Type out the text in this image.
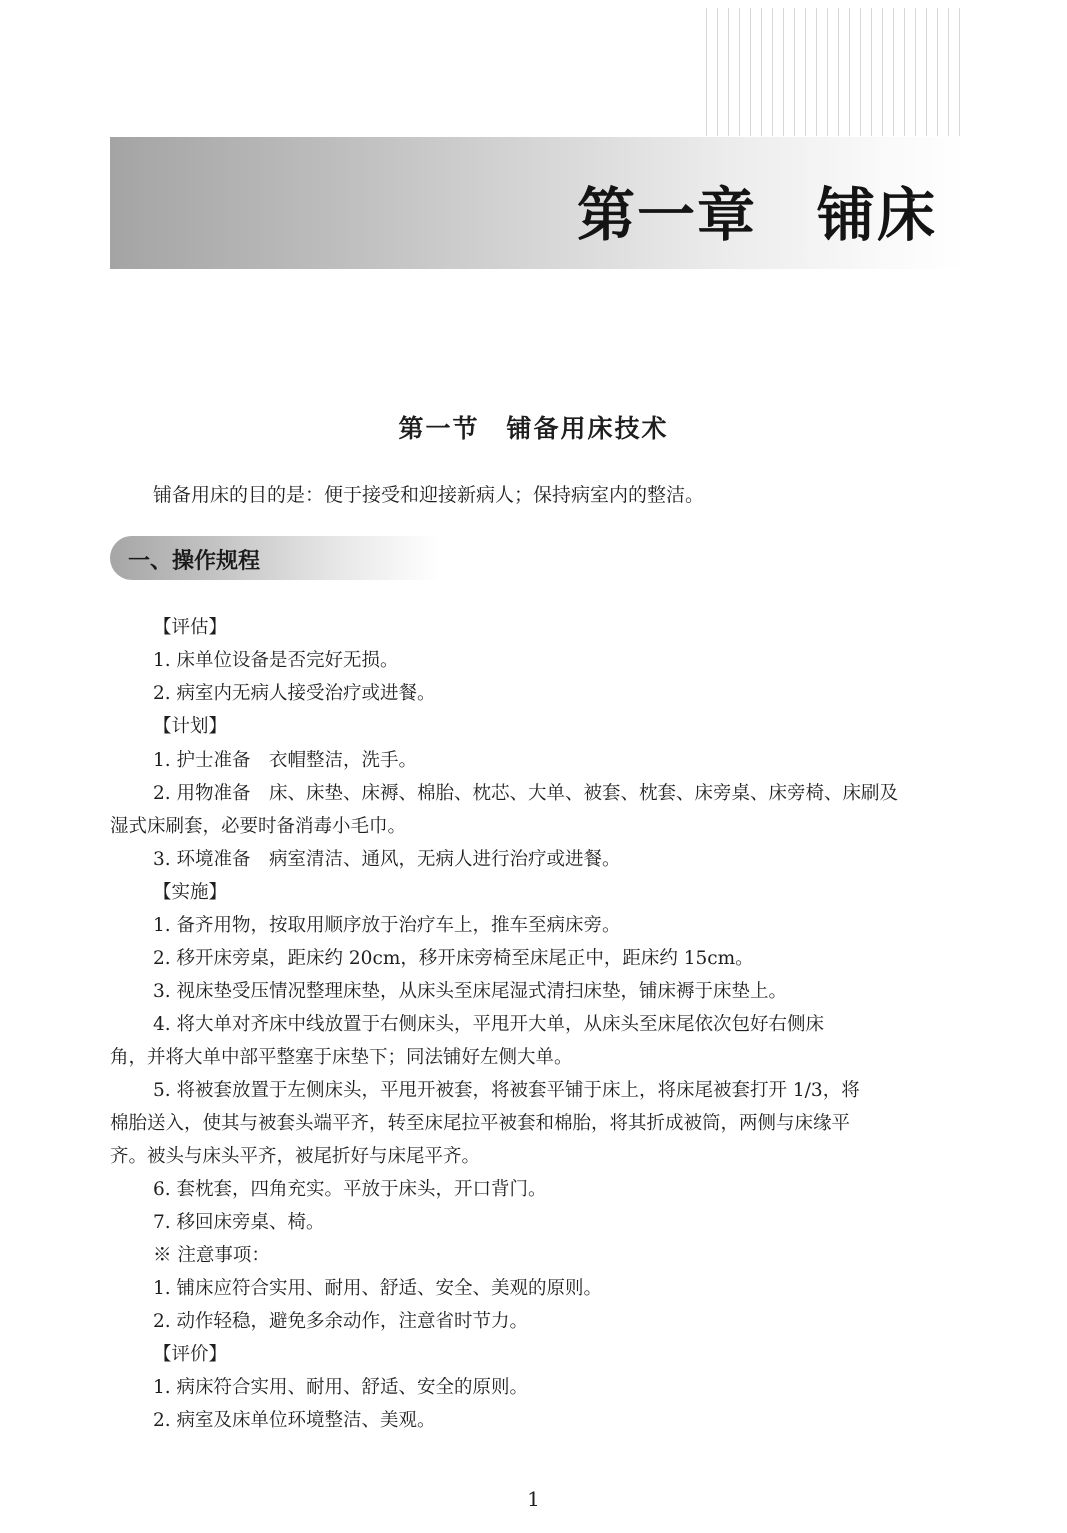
第一章　铺床
第一节　铺备用床技术

铺备用床的目的是：便于接受和迎接新病人；保持病室内的整洁。

一、操作规程

【评估】

1. 床单位设备是否完好无损。

2. 病室内无病人接受治疗或进餐。

【计划】

1. 护士准备　衣帽整洁，洗手。

2. 用物准备　床、床垫、床褥、棉胎、枕芯、大单、被套、枕套、床旁桌、床旁椅、床刷及

湿式床刷套，必要时备消毒小毛巾。

3. 环境准备　病室清洁、通风，无病人进行治疗或进餐。

【实施】

1. 备齐用物，按取用顺序放于治疗车上，推车至病床旁。

2. 移开床旁桌，距床约 20cm，移开床旁椅至床尾正中，距床约 15cm。

3. 视床垫受压情况整理床垫，从床头至床尾湿式清扫床垫，铺床褥于床垫上。

4. 将大单对齐床中线放置于右侧床头，平甩开大单，从床头至床尾依次包好右侧床

角，并将大单中部平整塞于床垫下；同法铺好左侧大单。

5. 将被套放置于左侧床头，平甩开被套，将被套平铺于床上，将床尾被套打开 1/3，将

棉胎送入，使其与被套头端平齐，转至床尾拉平被套和棉胎，将其折成被筒，两侧与床缘平

齐。被头与床头平齐，被尾折好与床尾平齐。

6. 套枕套，四角充实。平放于床头，开口背门。

7. 移回床旁桌、椅。

※ 注意事项：

1. 铺床应符合实用、耐用、舒适、安全、美观的原则。

2. 动作轻稳，避免多余动作，注意省时节力。

【评价】

1. 病床符合实用、耐用、舒适、安全的原则。

2. 病室及床单位环境整洁、美观。

1
